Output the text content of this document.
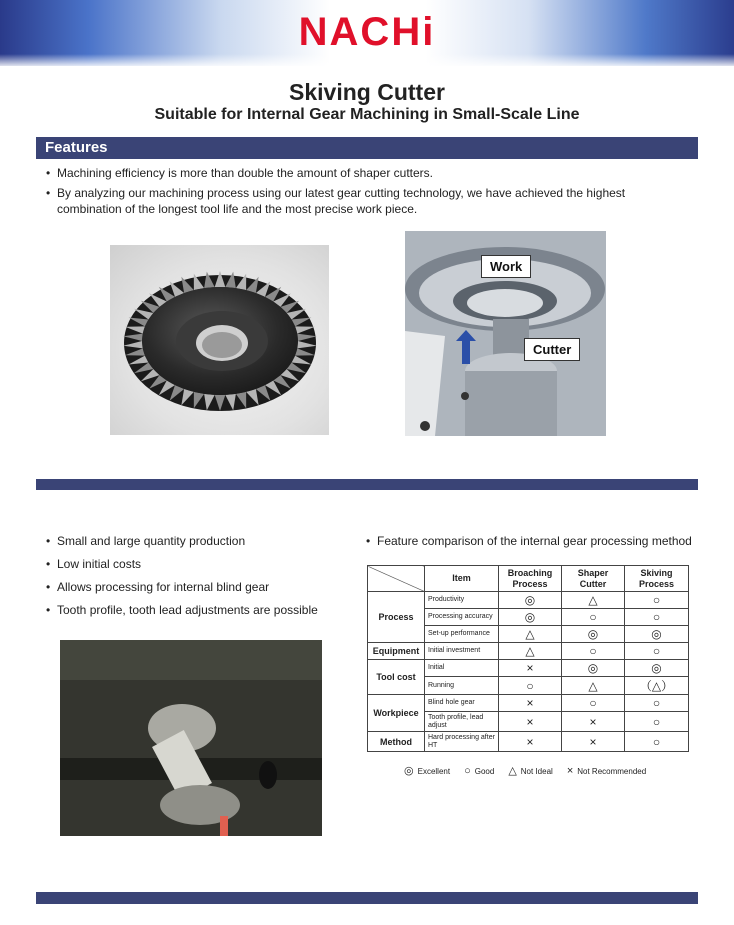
NACHi
Skiving Cutter
Suitable for Internal Gear Machining in Small-Scale Line
Features
• Machining efficiency is more than double the amount of shaper cutters.
• By analyzing our machining process using our latest gear cutting technology, we have achieved the highest combination of the longest tool life and the most precise work piece.
Work
Cutter
• Small and large quantity production
• Low initial costs
• Allows processing for internal blind gear
• Tooth profile, tooth lead adjustments are possible
• Feature comparison of the internal gear processing method
	Item	Broaching Process	Shaper Cutter	Skiving Process
Process	Productivity	◎	△	○
	Processing accuracy	◎	○	○
	Set-up performance	△	◎	◎
Equipment	Initial investment	△	○	○
Tool cost	Initial	×	◎	◎
	Running	○	△	（△）
Workpiece	Blind hole gear	×	○	○
	Tooth profile, lead adjust	×	×	○
Method	Hard processing after HT	×	×	○
◎ Excellent ○ Good △ Not Ideal × Not Recommended
